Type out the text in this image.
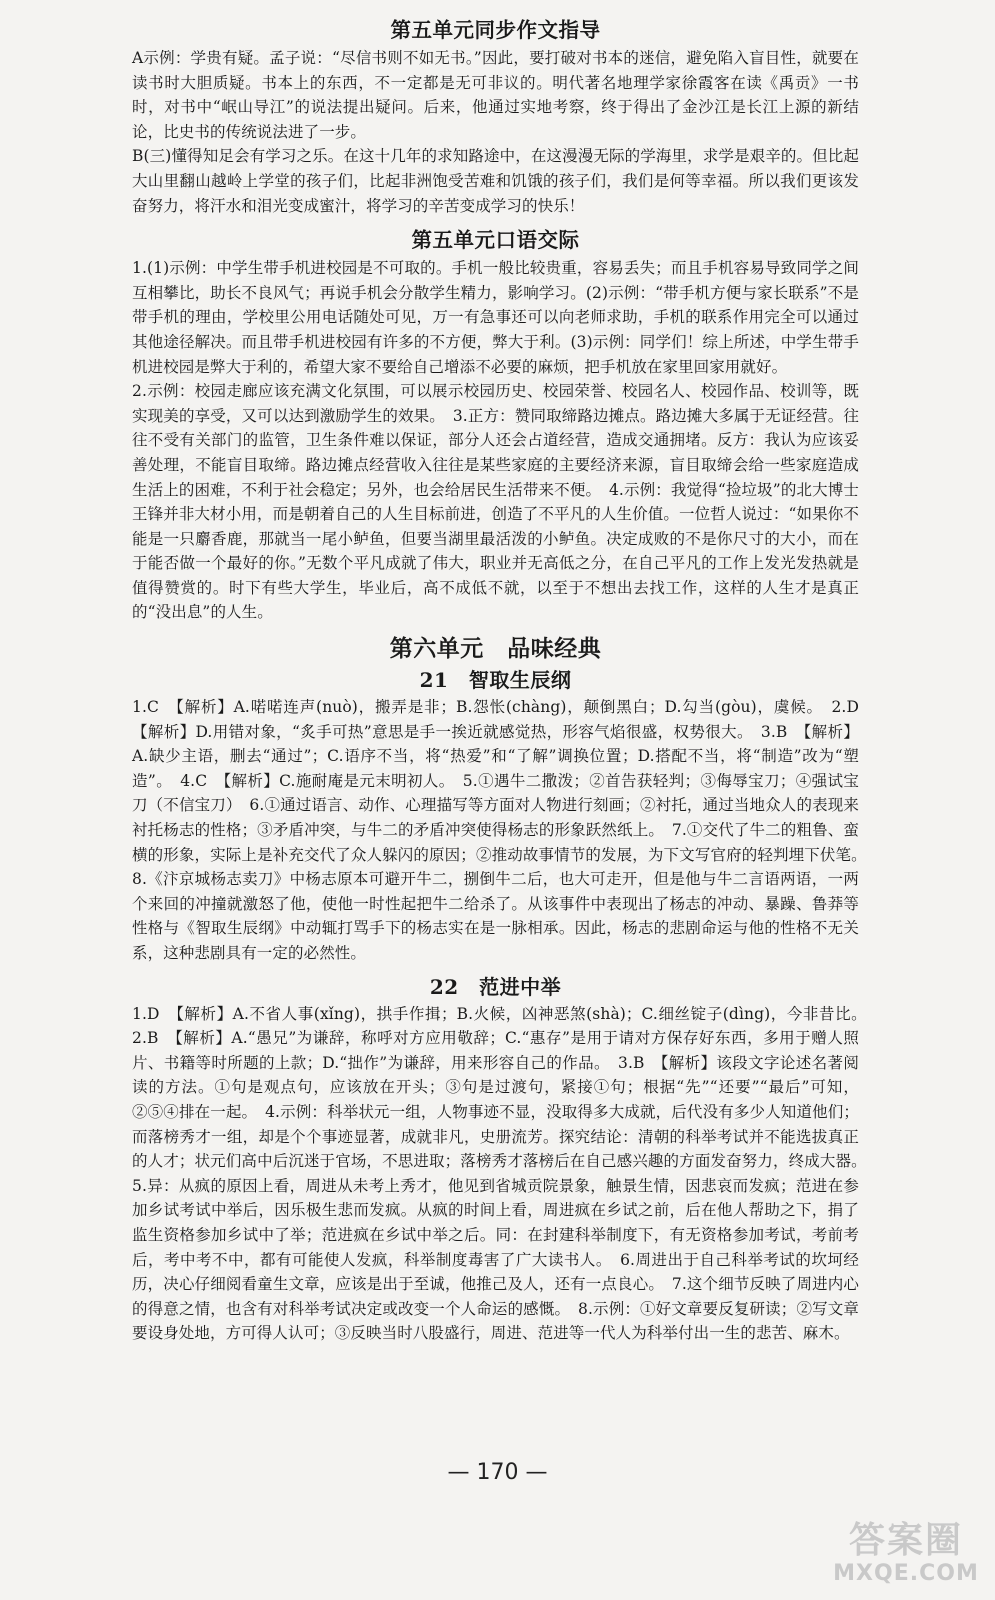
第五单元同步作文指导

A示例：学贵有疑。孟子说：“尽信书则不如无书。”因此，要打破对书本的迷信，避免陷入盲目性，就要在读书时大胆质疑。书本上的东西，不一定都是无可非议的。明代著名地理学家徐霞客在读《禹贡》一书时，对书中“岷山导江”的说法提出疑问。后来，他通过实地考察，终于得出了金沙江是长江上源的新结论，比史书的传统说法进了一步。

B(三)懂得知足会有学习之乐。在这十几年的求知路途中，在这漫漫无际的学海里，求学是艰辛的。但比起大山里翻山越岭上学堂的孩子们，比起非洲饱受苦难和饥饿的孩子们，我们是何等幸福。所以我们更该发奋努力，将汗水和泪光变成蜜汁，将学习的辛苦变成学习的快乐！

第五单元口语交际

1.(1)示例：中学生带手机进校园是不可取的。手机一般比较贵重，容易丢失；而且手机容易导致同学之间互相攀比，助长不良风气；再说手机会分散学生精力，影响学习。(2)示例：“带手机方便与家长联系”不是带手机的理由，学校里公用电话随处可见，万一有急事还可以向老师求助，手机的联系作用完全可以通过其他途径解决。而且带手机进校园有许多的不方便，弊大于利。(3)示例：同学们！综上所述，中学生带手机进校园是弊大于利的，希望大家不要给自己增添不必要的麻烦，把手机放在家里回家用就好。

2.示例：校园走廊应该充满文化氛围，可以展示校园历史、校园荣誉、校园名人、校园作品、校训等，既实现美的享受，又可以达到激励学生的效果。　3.正方：赞同取缔路边摊点。路边摊大多属于无证经营。往往不受有关部门的监管，卫生条件难以保证，部分人还会占道经营，造成交通拥堵。反方：我认为应该妥善处理，不能盲目取缔。路边摊点经营收入往往是某些家庭的主要经济来源，盲目取缔会给一些家庭造成生活上的困难，不利于社会稳定；另外，也会给居民生活带来不便。　4.示例：我觉得“捡垃圾”的北大博士王锋并非大材小用，而是朝着自己的人生目标前进，创造了不平凡的人生价值。一位哲人说过：“如果你不能是一只麝香鹿，那就当一尾小鲈鱼，但要当湖里最活泼的小鲈鱼。决定成败的不是你尺寸的大小，而在于能否做一个最好的你。”无数个平凡成就了伟大，职业并无高低之分，在自己平凡的工作上发光发热就是值得赞赏的。时下有些大学生，毕业后，高不成低不就，以至于不想出去找工作，这样的人生才是真正的“没出息”的人生。

第六单元　品味经典
21　智取生辰纲

1.C　【解析】A.喏喏连声(nuò)，搬弄是非；B.怨怅(chàng)，颠倒黑白；D.勾当(gòu)，虞候。　2.D　【解析】D.用错对象，“炙手可热”意思是手一挨近就感觉热，形容气焰很盛，权势很大。　3.B　【解析】A.缺少主语，删去“通过”；C.语序不当，将“热爱”和“了解”调换位置；D.搭配不当，将“制造”改为“塑造”。　4.C　【解析】C.施耐庵是元末明初人。　5.①遇牛二撒泼；②首告获轻判；③侮辱宝刀；④强试宝刀（不信宝刀）　6.①通过语言、动作、心理描写等方面对人物进行刻画；②衬托，通过当地众人的表现来衬托杨志的性格；③矛盾冲突，与牛二的矛盾冲突使得杨志的形象跃然纸上。　7.①交代了牛二的粗鲁、蛮横的形象，实际上是补充交代了众人躲闪的原因；②推动故事情节的发展，为下文写官府的轻判埋下伏笔。　8.《汴京城杨志卖刀》中杨志原本可避开牛二，捌倒牛二后，也大可走开，但是他与牛二言语两语，一两个来回的冲撞就激怒了他，使他一时性起把牛二给杀了。从该事件中表现出了杨志的冲动、暴躁、鲁莽等性格与《智取生辰纲》中动辄打骂手下的杨志实在是一脉相承。因此，杨志的悲剧命运与他的性格不无关系，这种悲剧具有一定的必然性。

22　范进中举

1.D　【解析】A.不省人事(xǐng)，拱手作揖；B.火候，凶神恶煞(shà)；C.细丝锭子(dìng)，今非昔比。　2.B　【解析】A.“愚兄”为谦辞，称呼对方应用敬辞；C.“惠存”是用于请对方保存好东西，多用于赠人照片、书籍等时所题的上款；D.“拙作”为谦辞，用来形容自己的作品。　3.B　【解析】该段文字论述名著阅读的方法。①句是观点句，应该放在开头；③句是过渡句，紧接①句；根据“先”“还要”“最后”可知，②⑤④排在一起。　4.示例：科举状元一组，人物事迹不显，没取得多大成就，后代没有多少人知道他们；而落榜秀才一组，却是个个事迹显著，成就非凡，史册流芳。探究结论：清朝的科举考试并不能选拔真正的人才；状元们高中后沉迷于官场，不思进取；落榜秀才落榜后在自己感兴趣的方面发奋努力，终成大器。　5.异：从疯的原因上看，周进从未考上秀才，他见到省城贡院景象，触景生情，因悲哀而发疯；范进在参加乡试考试中举后，因乐极生悲而发疯。从疯的时间上看，周进疯在乡试之前，后在他人帮助之下，捐了监生资格参加乡试中了举；范进疯在乡试中举之后。同：在封建科举制度下，有无资格参加考试，考前考后，考中考不中，都有可能使人发疯，科举制度毒害了广大读书人。　6.周进出于自己科举考试的坎坷经历，决心仔细阅看童生文章，应该是出于至诚，他推己及人，还有一点良心。　7.这个细节反映了周进内心的得意之情，也含有对科举考试决定或改变一个人命运的感慨。　8.示例：①好文章要反复研读；②写文章要设身处地，方可得人认可；③反映当时八股盛行，周进、范进等一代人为科举付出一生的悲苦、麻木。

— 170 —
答案圈
MXQE.COM
